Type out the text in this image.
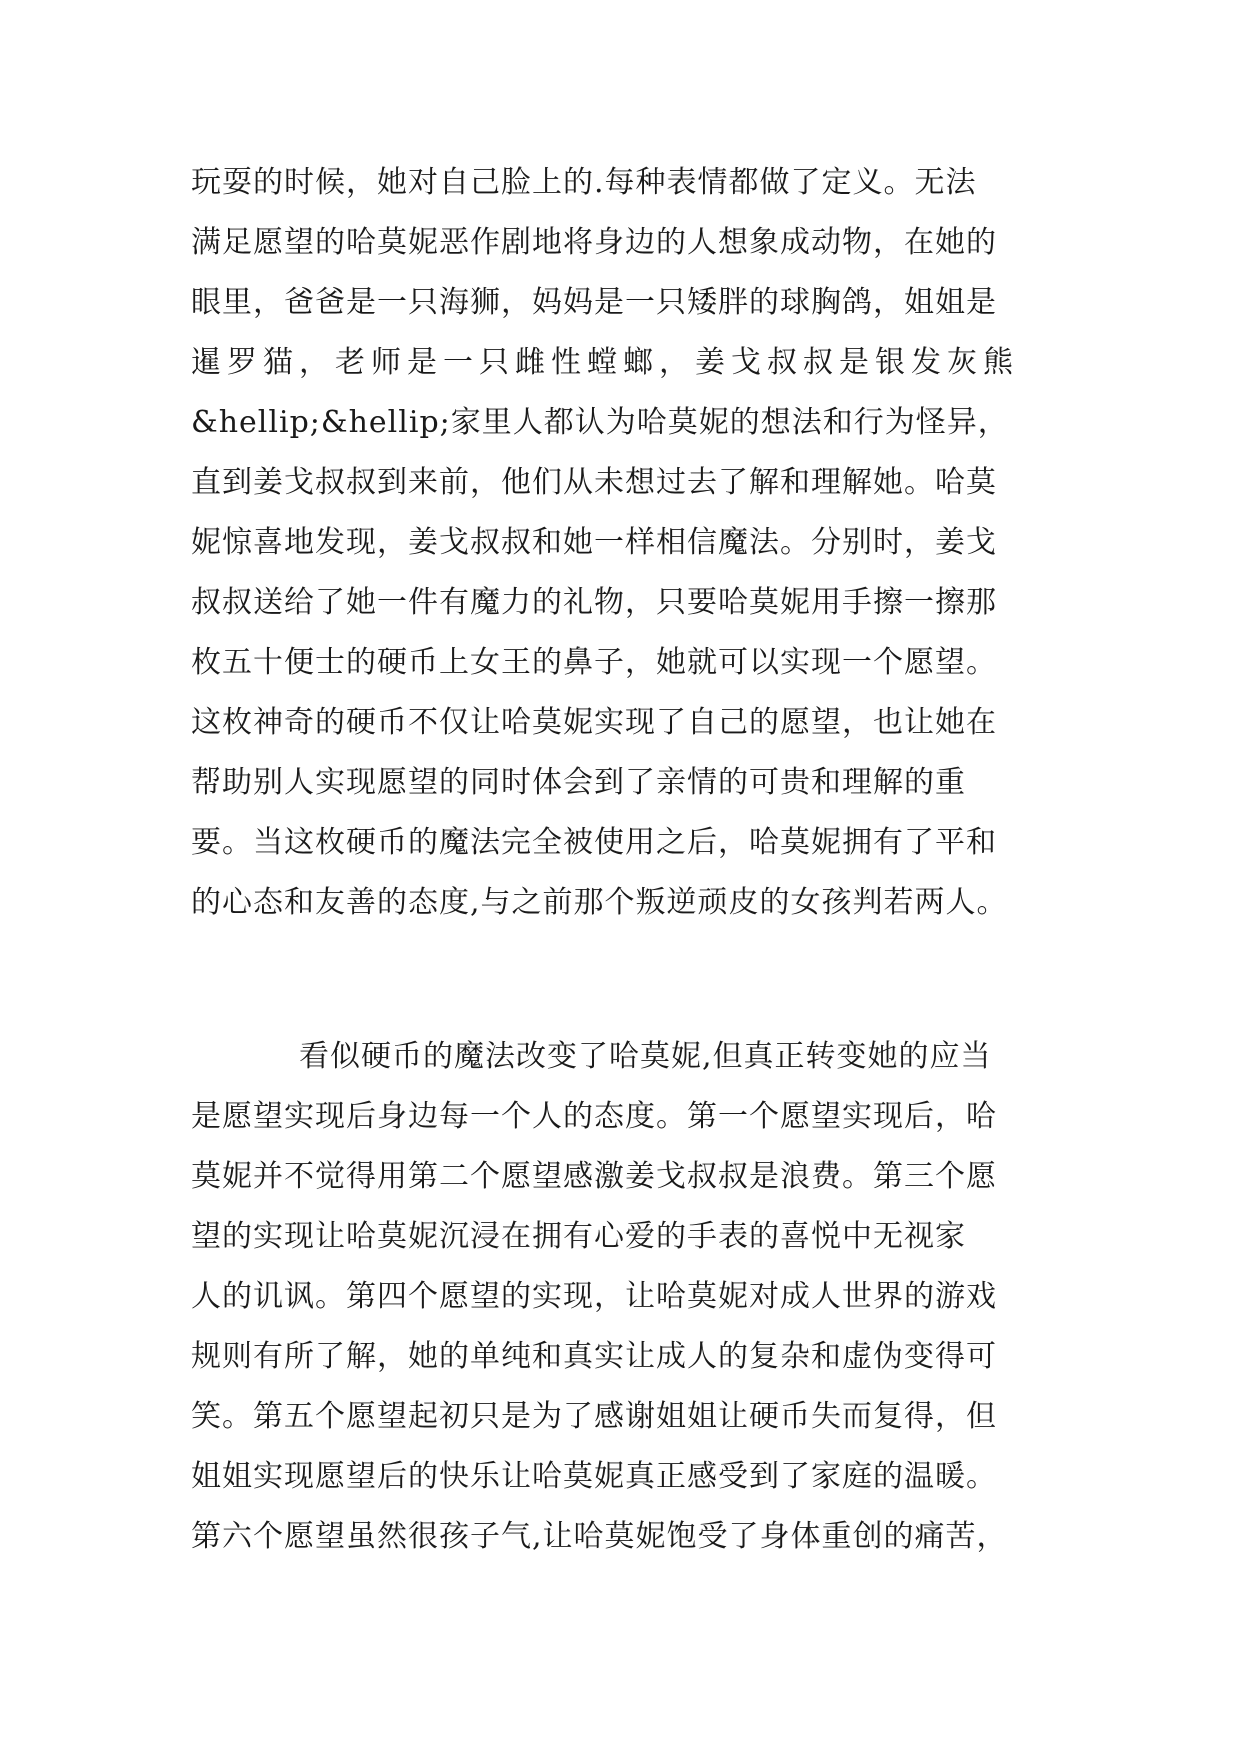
玩耍的时候，她对自己脸上的.每种表情都做了定义。无法
满足愿望的哈莫妮恶作剧地将身边的人想象成动物，在她的
眼里，爸爸是一只海狮，妈妈是一只矮胖的球胸鸽，姐姐是
暹罗猫，老师是一只雌性螳螂，姜戈叔叔是银发灰熊
&hellip;&hellip;家里人都认为哈莫妮的想法和行为怪异，
直到姜戈叔叔到来前，他们从未想过去了解和理解她。哈莫
妮惊喜地发现，姜戈叔叔和她一样相信魔法。分别时，姜戈
叔叔送给了她一件有魔力的礼物，只要哈莫妮用手擦一擦那
枚五十便士的硬币上女王的鼻子，她就可以实现一个愿望。
这枚神奇的硬币不仅让哈莫妮实现了自己的愿望，也让她在
帮助别人实现愿望的同时体会到了亲情的可贵和理解的重
要。当这枚硬币的魔法完全被使用之后，哈莫妮拥有了平和
的心态和友善的态度,与之前那个叛逆顽皮的女孩判若两人。
看似硬币的魔法改变了哈莫妮,但真正转变她的应当
是愿望实现后身边每一个人的态度。第一个愿望实现后，哈
莫妮并不觉得用第二个愿望感激姜戈叔叔是浪费。第三个愿
望的实现让哈莫妮沉浸在拥有心爱的手表的喜悦中无视家
人的讥讽。第四个愿望的实现，让哈莫妮对成人世界的游戏
规则有所了解，她的单纯和真实让成人的复杂和虚伪变得可
笑。第五个愿望起初只是为了感谢姐姐让硬币失而复得，但
姐姐实现愿望后的快乐让哈莫妮真正感受到了家庭的温暖。
第六个愿望虽然很孩子气,让哈莫妮饱受了身体重创的痛苦，
